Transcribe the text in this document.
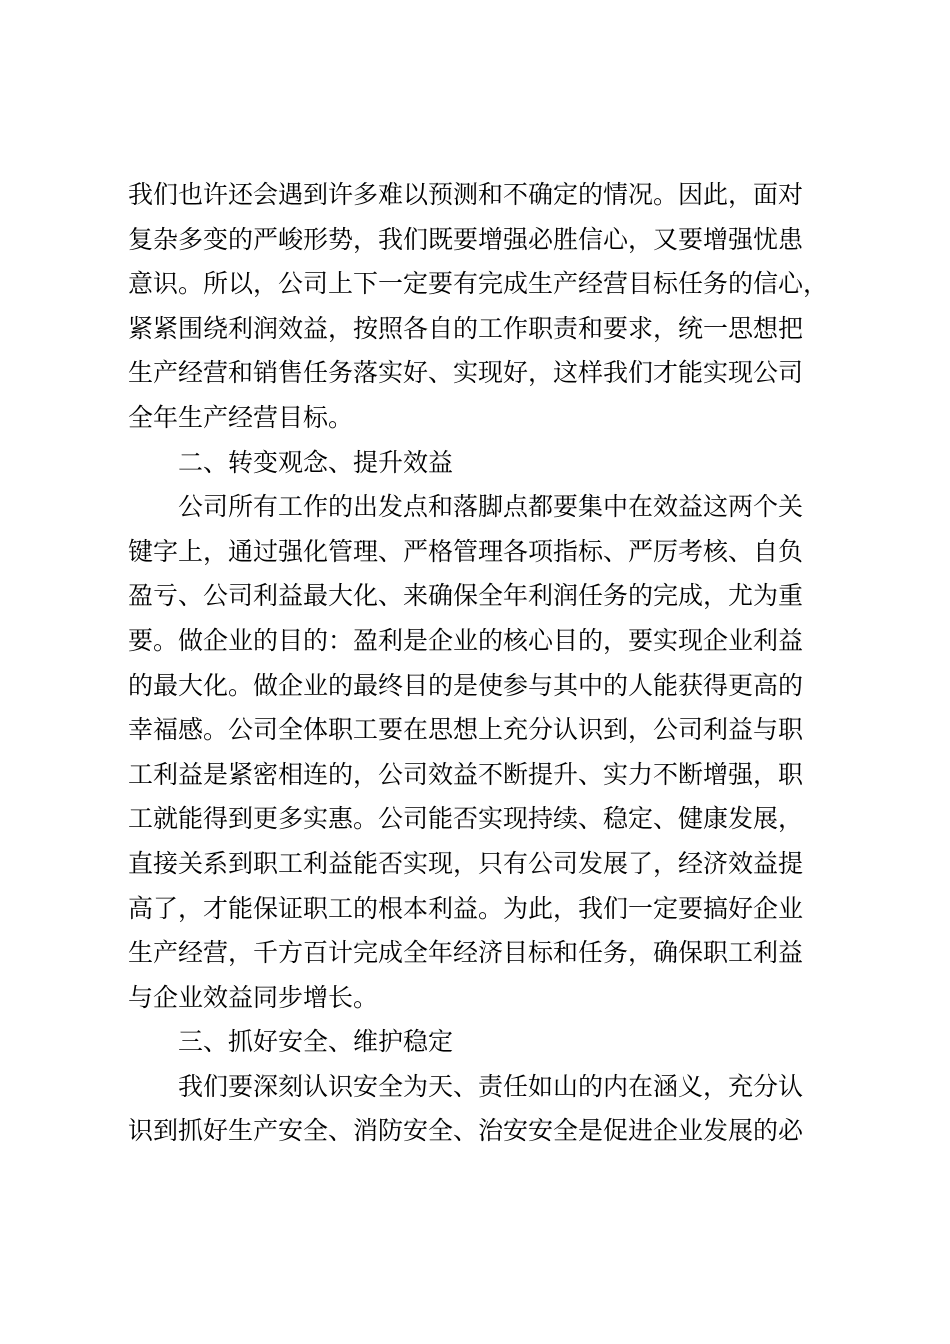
我们也许还会遇到许多难以预测和不确定的情况。因此，面对
复杂多变的严峻形势，我们既要增强必胜信心，又要增强忧患
意识。所以，公司上下一定要有完成生产经营目标任务的信心，
紧紧围绕利润效益，按照各自的工作职责和要求，统一思想把
生产经营和销售任务落实好、实现好，这样我们才能实现公司
全年生产经营目标。
二、转变观念、提升效益
公司所有工作的出发点和落脚点都要集中在效益这两个关
键字上，通过强化管理、严格管理各项指标、严厉考核、自负
盈亏、公司利益最大化、来确保全年利润任务的完成，尤为重
要。做企业的目的：盈利是企业的核心目的，要实现企业利益
的最大化。做企业的最终目的是使参与其中的人能获得更高的
幸福感。公司全体职工要在思想上充分认识到，公司利益与职
工利益是紧密相连的，公司效益不断提升、实力不断增强，职
工就能得到更多实惠。公司能否实现持续、稳定、健康发展，
直接关系到职工利益能否实现，只有公司发展了，经济效益提
高了，才能保证职工的根本利益。为此，我们一定要搞好企业
生产经营，千方百计完成全年经济目标和任务，确保职工利益
与企业效益同步增长。
三、抓好安全、维护稳定
我们要深刻认识安全为天、责任如山的内在涵义，充分认
识到抓好生产安全、消防安全、治安安全是促进企业发展的必
